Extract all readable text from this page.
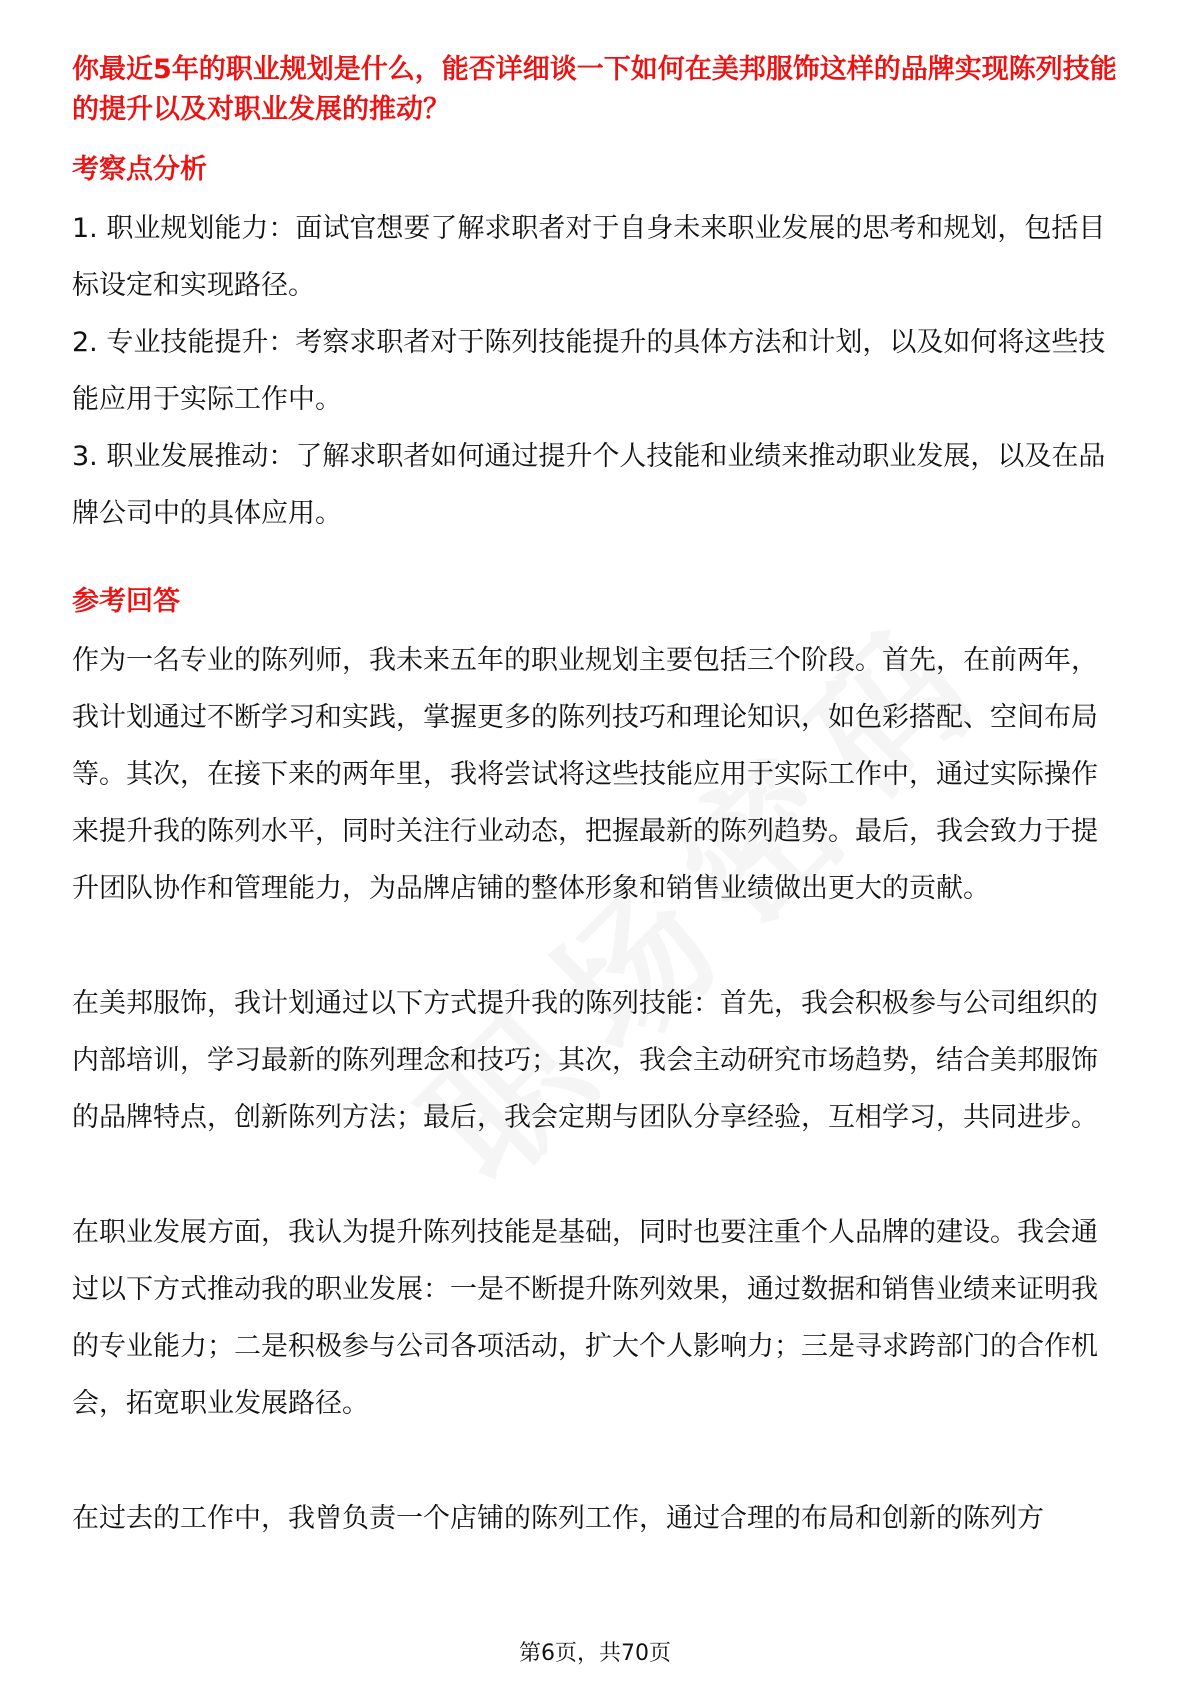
你最近5年的职业规划是什么，能否详细谈一下如何在美邦服饰这样的品牌实现陈列技能的提升以及对职业发展的推动？
考察点分析

1. 职业规划能力：面试官想要了解求职者对于自身未来职业发展的思考和规划，包括目标设定和实现路径。

2. 专业技能提升：考察求职者对于陈列技能提升的具体方法和计划，以及如何将这些技能应用于实际工作中。

3. 职业发展推动：了解求职者如何通过提升个人技能和业绩来推动职业发展，以及在品牌公司中的具体应用。

参考回答

作为一名专业的陈列师，我未来五年的职业规划主要包括三个阶段。首先，在前两年，我计划通过不断学习和实践，掌握更多的陈列技巧和理论知识，如色彩搭配、空间布局等。其次，在接下来的两年里，我将尝试将这些技能应用于实际工作中，通过实际操作来提升我的陈列水平，同时关注行业动态，把握最新的陈列趋势。最后，我会致力于提升团队协作和管理能力，为品牌店铺的整体形象和销售业绩做出更大的贡献。

在美邦服饰，我计划通过以下方式提升我的陈列技能：首先，我会积极参与公司组织的内部培训，学习最新的陈列理念和技巧；其次，我会主动研究市场趋势，结合美邦服饰的品牌特点，创新陈列方法；最后，我会定期与团队分享经验，互相学习，共同进步。

在职业发展方面，我认为提升陈列技能是基础，同时也要注重个人品牌的建设。我会通过以下方式推动我的职业发展：一是不断提升陈列效果，通过数据和销售业绩来证明我的专业能力；二是积极参与公司各项活动，扩大个人影响力；三是寻求跨部门的合作机会，拓宽职业发展路径。

在过去的工作中，我曾负责一个店铺的陈列工作，通过合理的布局和创新的陈列方

第6页，共70页
